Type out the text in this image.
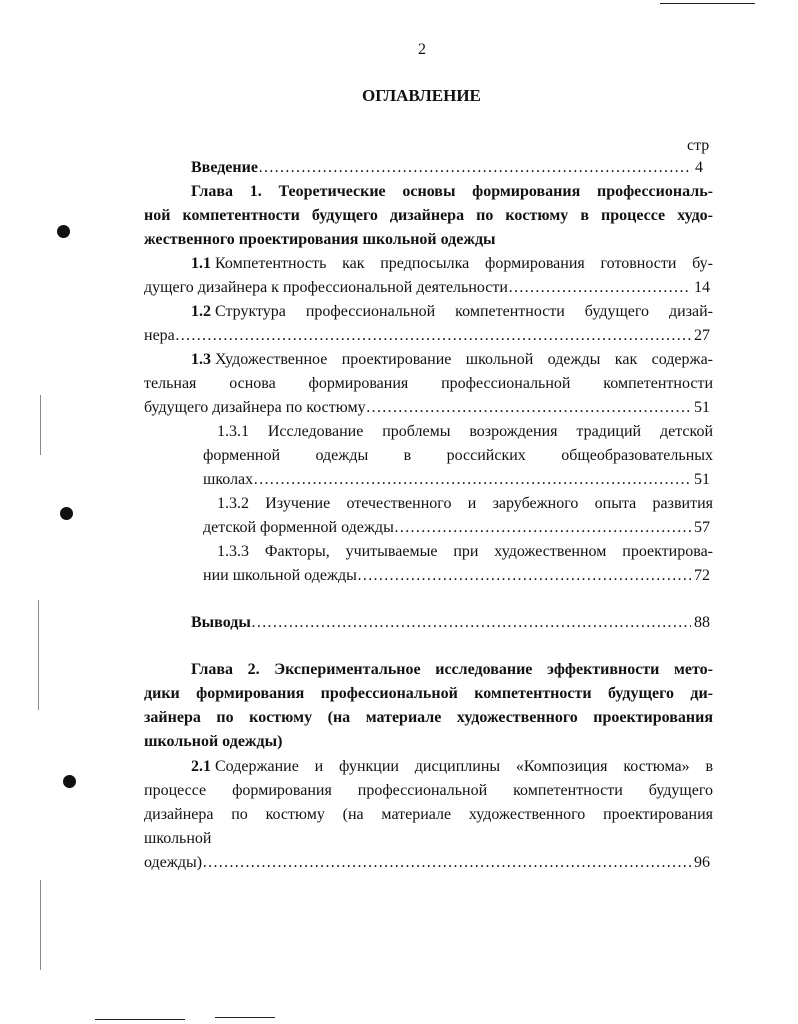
2
ОГЛАВЛЕНИЕ
стр
Введение …………………………………………………………………………………………………………………………………………………………………………………………………………	4
Глава 1. Теоретические основы формирования профессиональ-
ной компетентности будущего дизайнера по костюму в процессе худо-
жественного проектирования школьной одежды
1.1
Компетентность как предпосылка формирования готовности бу-
дущего дизайнера к профессиональной деятельности …………………………………………………………………………………………………………………………………………………………………………………………………………	14
1.2
Структура профессиональной компетентности будущего дизай-
нера …………………………………………………………………………………………………………………………………………………………………………………………………………	27
1.3
Художественное проектирование школьной одежды как содержа-
тельная основа формирования профессиональной компетентности
будущего дизайнера по костюму …………………………………………………………………………………………………………………………………………………………………………………………………………	51
1.3.1 Исследование проблемы возрождения традиций детской
форменной одежды в российских общеобразовательных
школах …………………………………………………………………………………………………………………………………………………………………………………………………………	51
1.3.2 Изучение отечественного и зарубежного опыта развития
детской форменной одежды …………………………………………………………………………………………………………………………………………………………………………………………………………	57
1.3.3 Факторы, учитываемые при художественном проектирова-
нии школьной одежды …………………………………………………………………………………………………………………………………………………………………………………………………………	72
Выводы …………………………………………………………………………………………………………………………………………………………………………………………………………	88
Глава 2. Экспериментальное исследование эффективности мето-
дики формирования профессиональной компетентности будущего ди-
зайнера по костюму (на материале художественного проектирования
школьной одежды)
2.1
Содержание и функции дисциплины «Композиция костюма» в
процессе формирования профессиональной компетентности будущего
дизайнера по костюму (на материале художественного проектирования
школьной
одежды) …………………………………………………………………………………………………………………………………………………………………………………………………………	96
